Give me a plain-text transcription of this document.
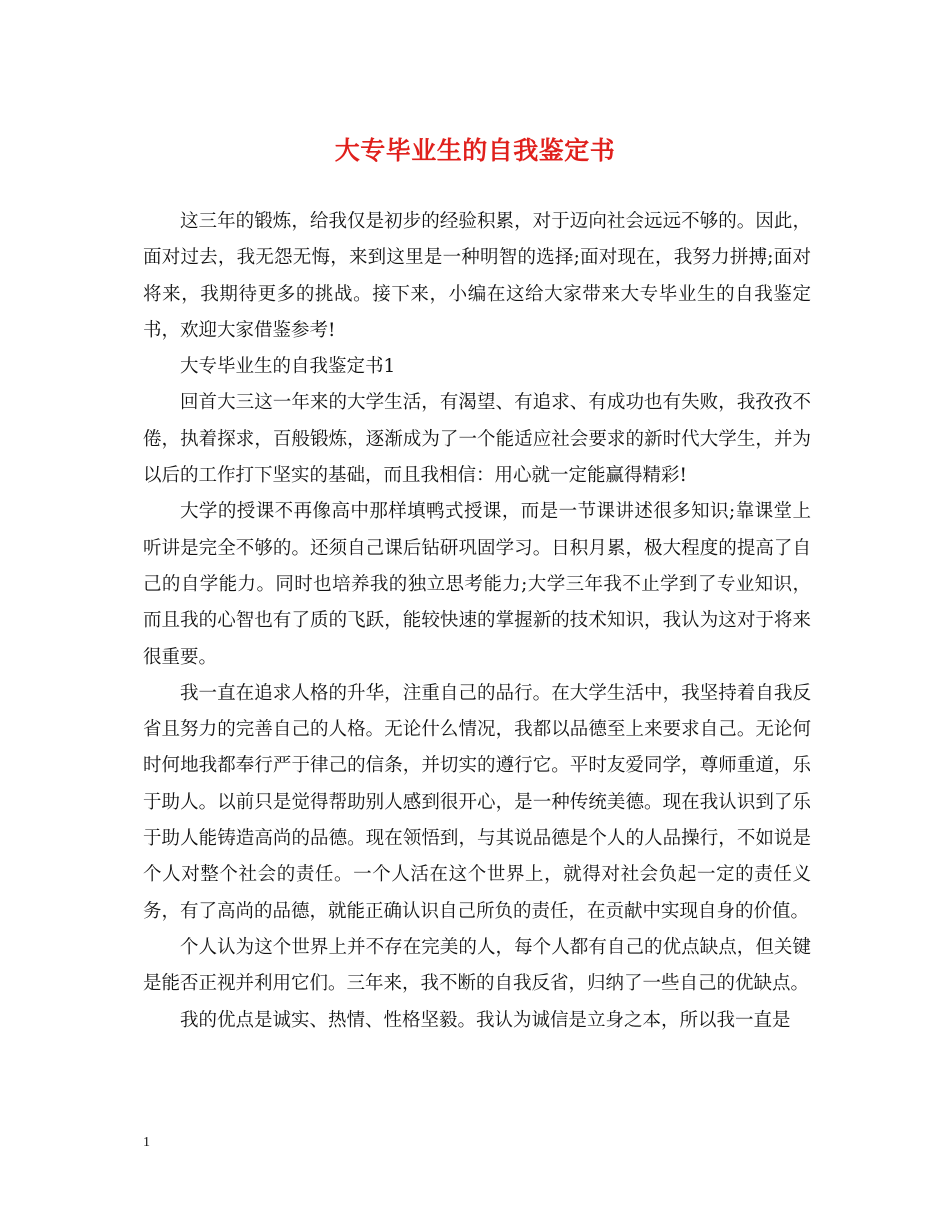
大专毕业生的自我鉴定书

这三年的锻炼，给我仅是初步的经验积累，对于迈向社会远远不够的。因此，面对过去，我无怨无悔，来到这里是一种明智的选择;面对现在，我努力拼搏;面对将来，我期待更多的挑战。接下来，小编在这给大家带来大专毕业生的自我鉴定书，欢迎大家借鉴参考!

大专毕业生的自我鉴定书1

回首大三这一年来的大学生活，有渴望、有追求、有成功也有失败，我孜孜不倦，执着探求，百般锻炼，逐渐成为了一个能适应社会要求的新时代大学生，并为以后的工作打下坚实的基础，而且我相信：用心就一定能赢得精彩!

大学的授课不再像高中那样填鸭式授课，而是一节课讲述很多知识;靠课堂上听讲是完全不够的。还须自己课后钻研巩固学习。日积月累，极大程度的提高了自己的自学能力。同时也培养我的独立思考能力;大学三年我不止学到了专业知识，而且我的心智也有了质的飞跃，能较快速的掌握新的技术知识，我认为这对于将来很重要。

我一直在追求人格的升华，注重自己的品行。在大学生活中，我坚持着自我反省且努力的完善自己的人格。无论什么情况，我都以品德至上来要求自己。无论何时何地我都奉行严于律己的信条，并切实的遵行它。平时友爱同学，尊师重道，乐于助人。以前只是觉得帮助别人感到很开心，是一种传统美德。现在我认识到了乐于助人能铸造高尚的品德。现在领悟到，与其说品德是个人的人品操行，不如说是个人对整个社会的责任。一个人活在这个世界上，就得对社会负起一定的责任义务，有了高尚的品德，就能正确认识自己所负的责任，在贡献中实现自身的价值。

个人认为这个世界上并不存在完美的人，每个人都有自己的优点缺点，但关键是能否正视并利用它们。三年来，我不断的自我反省，归纳了一些自己的优缺点。

我的优点是诚实、热情、性格坚毅。我认为诚信是立身之本，所以我一直是

1
